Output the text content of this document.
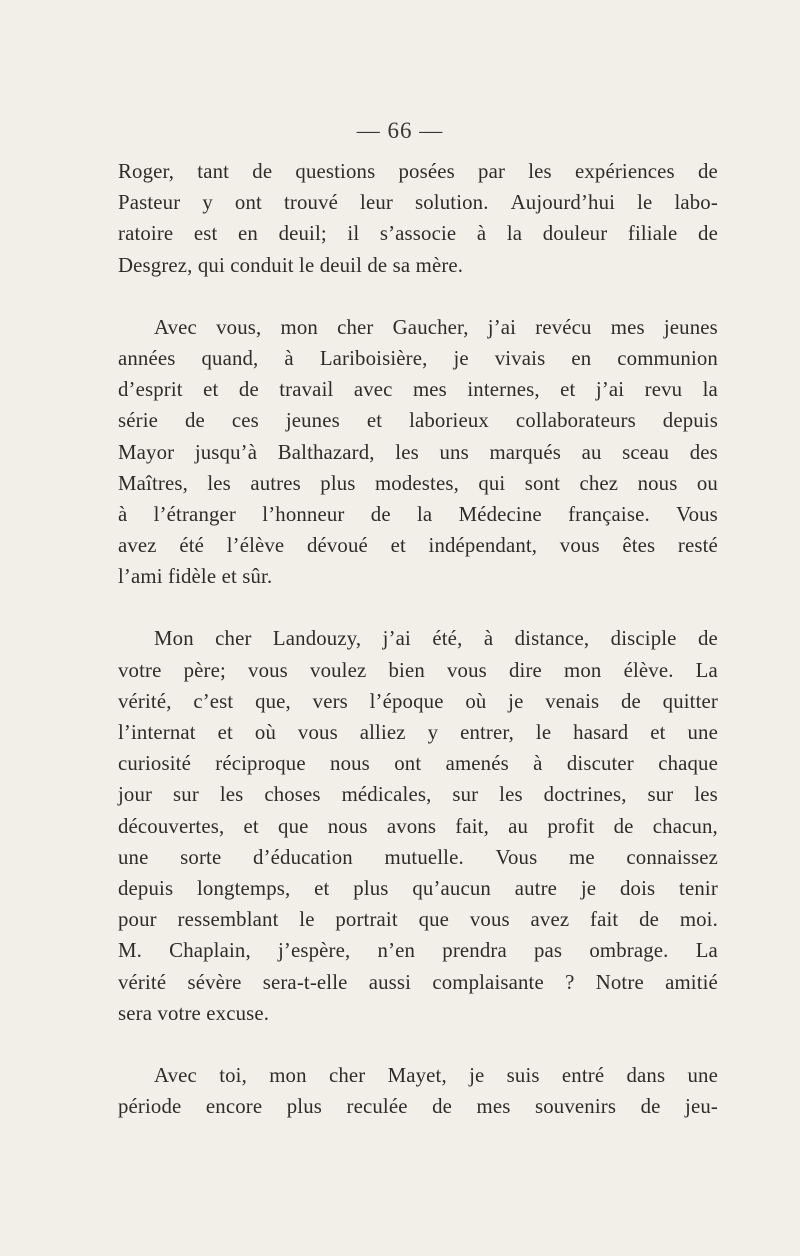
— 66 —
Roger, tant de questions posées par les expériences de
Pasteur y ont trouvé leur solution. Aujourd’hui le labo-
ratoire est en deuil; il s’associe à la douleur filiale de
Desgrez, qui conduit le deuil de sa mère.
Avec vous, mon cher Gaucher, j’ai revécu mes jeunes
années quand, à Lariboisière, je vivais en communion
d’esprit et de travail avec mes internes, et j’ai revu la
série de ces jeunes et laborieux collaborateurs depuis
Mayor jusqu’à Balthazard, les uns marqués au sceau des
Maîtres, les autres plus modestes, qui sont chez nous ou
à l’étranger l’honneur de la Médecine française. Vous
avez été l’élève dévoué et indépendant, vous êtes resté
l’ami fidèle et sûr.
Mon cher Landouzy, j’ai été, à distance, disciple de
votre père; vous voulez bien vous dire mon élève. La
vérité, c’est que, vers l’époque où je venais de quitter
l’internat et où vous alliez y entrer, le hasard et une
curiosité réciproque nous ont amenés à discuter chaque
jour sur les choses médicales, sur les doctrines, sur les
découvertes, et que nous avons fait, au profit de chacun,
une sorte d’éducation mutuelle. Vous me connaissez
depuis longtemps, et plus qu’aucun autre je dois tenir
pour ressemblant le portrait que vous avez fait de moi.
M. Chaplain, j’espère, n’en prendra pas ombrage. La
vérité sévère sera-t-elle aussi complaisante ? Notre amitié
sera votre excuse.
Avec toi, mon cher Mayet, je suis entré dans une
période encore plus reculée de mes souvenirs de jeu-
